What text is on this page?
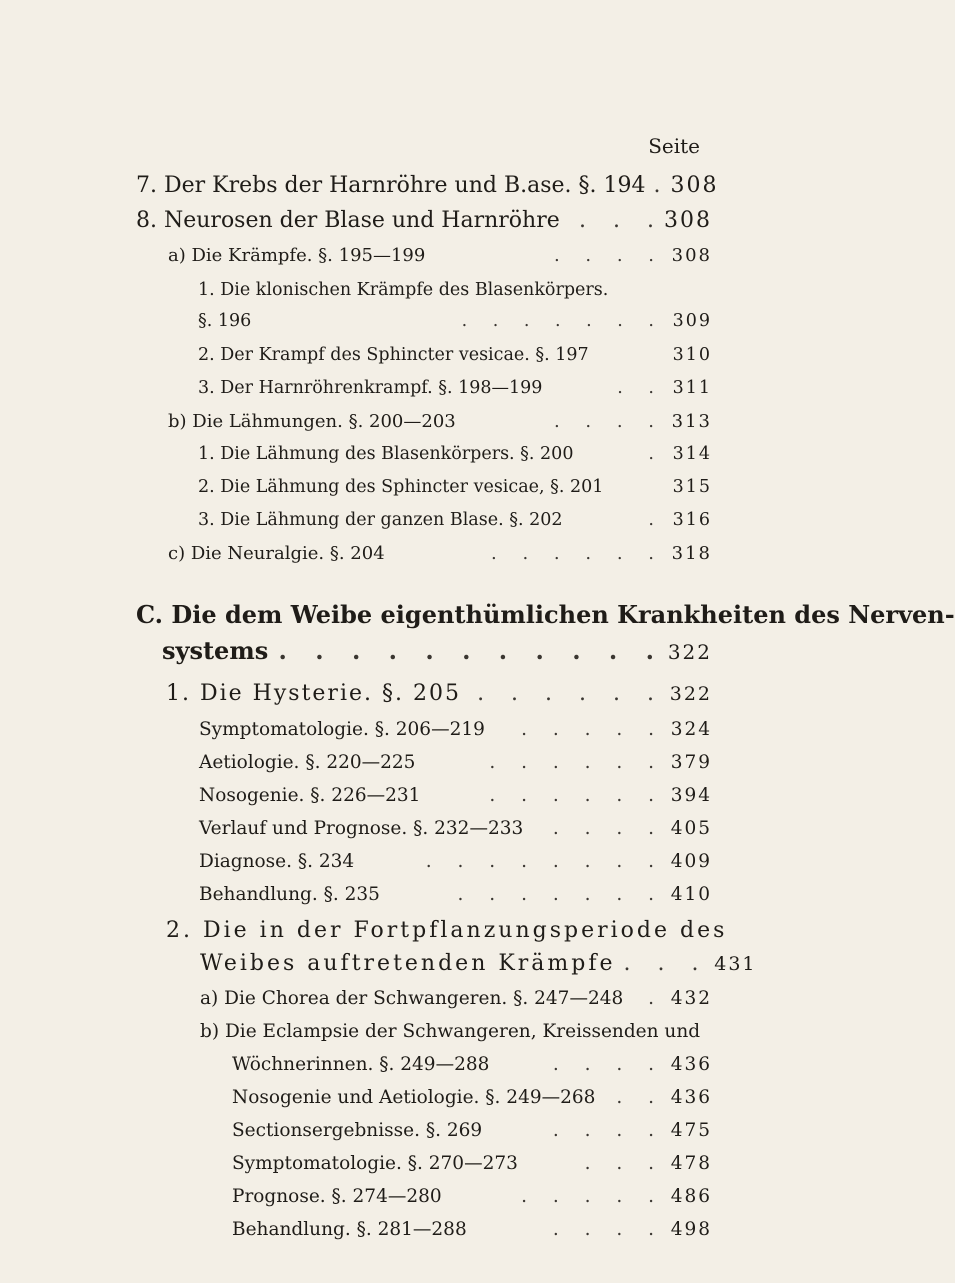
Seite
7. Der Krebs der Harnröhre und B.ase. §. 194 . 308
8. Neurosen der Blase und Harnröhre . . . 308
a) Die Krämpfe. §. 195—199	. . . . 308
1. Die klonischen Krämpfe des Blasenkörpers.
§. 196	. . . . . . . 309
2. Der Krampf des Sphincter vesicae. §. 197	310
3. Der Harnröhrenkrampf. §. 198—199	. . 311
b) Die Lähmungen. §. 200—203	. . . . 313
1. Die Lähmung des Blasenkörpers. §. 200	. 314
2. Die Lähmung des Sphincter vesicae, §. 201	315
3. Die Lähmung der ganzen Blase. §. 202	. 316
c) Die Neuralgie. §. 204	. . . . . . 318
C. Die dem Weibe eigenthümlichen Krankheiten des Nerven-
systems . . . . . . . . . . . 322
1. Die Hysterie. §. 205 . . . . . . 322
Symptomatologie. §. 206—219	. . . . . 324
Aetiologie. §. 220—225	. . . . . . 379
Nosogenie. §. 226—231	. . . . . . 394
Verlauf und Prognose. §. 232—233	. . . . 405
Diagnose. §. 234	. . . . . . . . 409
Behandlung. §. 235	. . . . . . . 410
2. Die in der Fortpflanzungsperiode des
Weibes auftretenden Krämpfe . . . 431
a) Die Chorea der Schwangeren. §. 247—248	. 432
b) Die Eclampsie der Schwangeren, Kreissenden und
Wöchnerinnen. §. 249—288	. . . . 436
Nosogenie und Aetiologie. §. 249—268	. . 436
Sectionsergebnisse. §. 269	. . . . 475
Symptomatologie. §. 270—273	. . . 478
Prognose. §. 274—280	. . . . . 486
Behandlung. §. 281—288	. . . . 498
